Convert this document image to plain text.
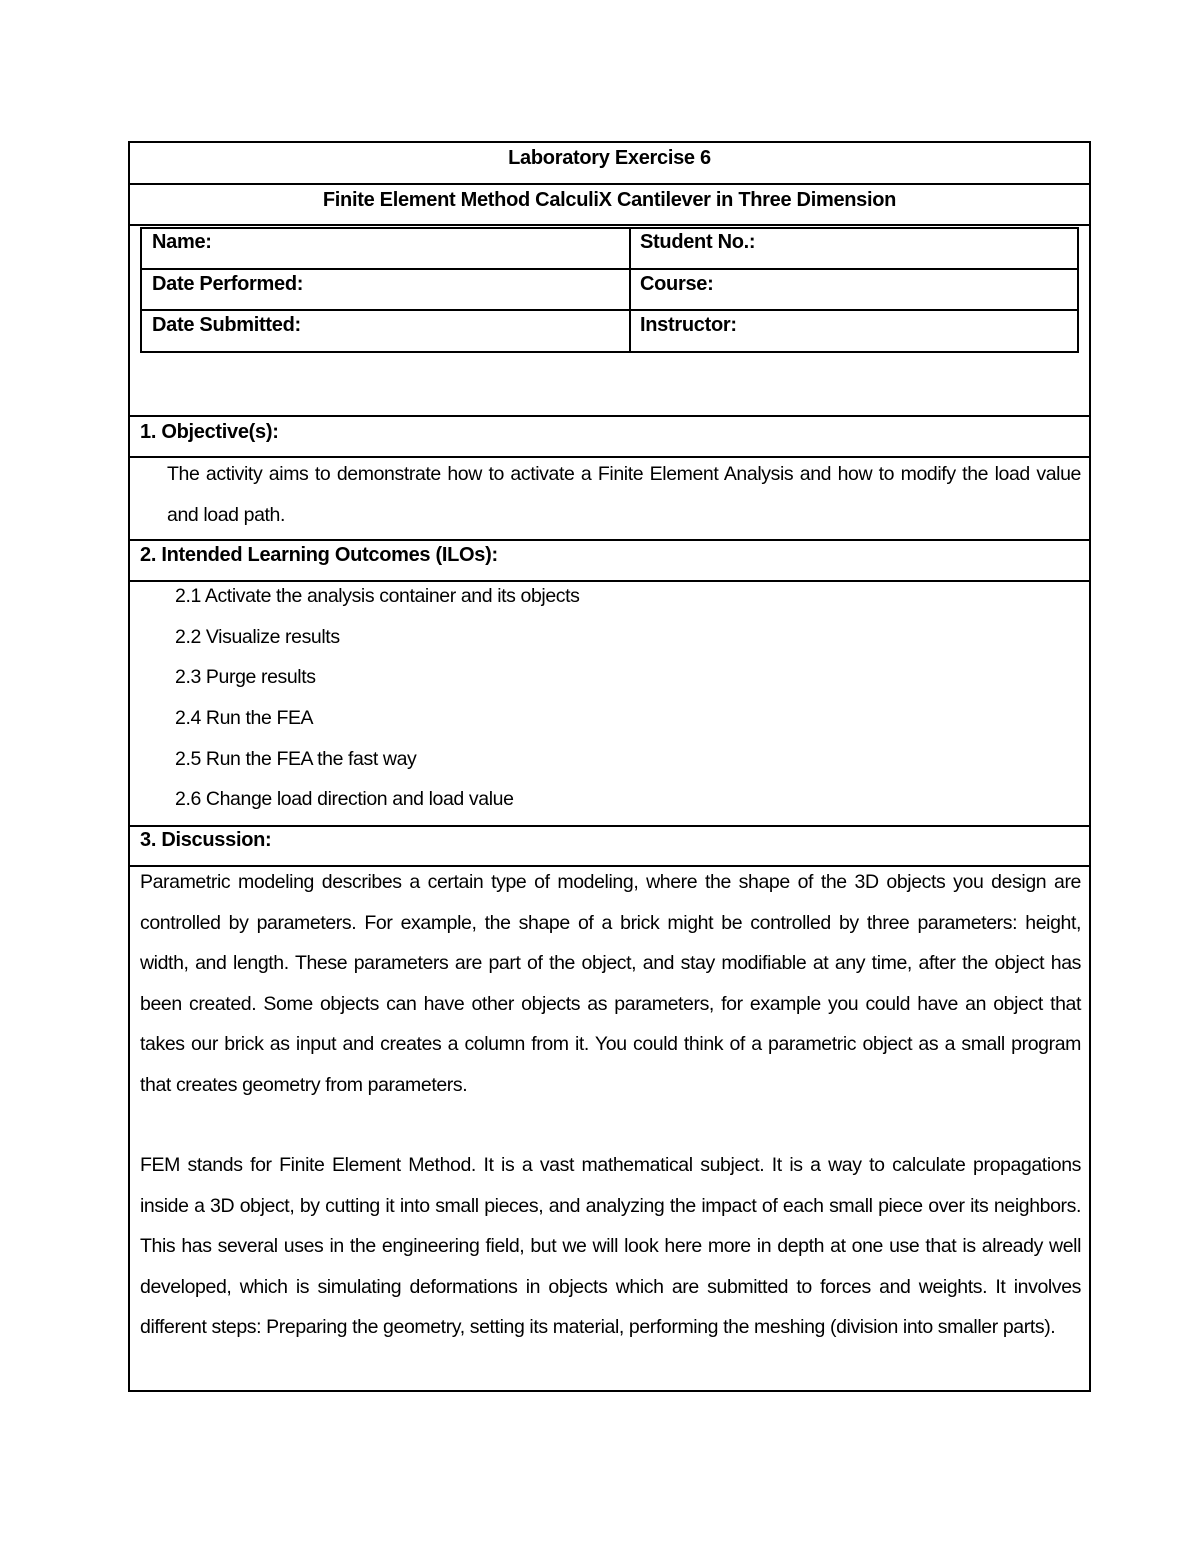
Laboratory Exercise 6
Finite Element Method CalculiX Cantilever in Three Dimension
Name:	Student No.:
Date Performed:	Course:
Date Submitted:	Instructor:
1. Objective(s):
The activity aims to demonstrate how to activate a Finite Element Analysis and how to modify the load value and load path.
2. Intended Learning Outcomes (ILOs):
2.1 Activate the analysis container and its objects
2.2 Visualize results
2.3 Purge results
2.4 Run the FEA
2.5 Run the FEA the fast way
2.6 Change load direction and load value
3. Discussion:
Parametric modeling describes a certain type of modeling, where the shape of the 3D objects you design are controlled by parameters. For example, the shape of a brick might be controlled by three parameters: height, width, and length. These parameters are part of the object, and stay modifiable at any time, after the object has been created. Some objects can have other objects as parameters, for example you could have an object that takes our brick as input and creates a column from it. You could think of a parametric object as a small program that creates geometry from parameters.
FEM stands for Finite Element Method. It is a vast mathematical subject. It is a way to calculate propagations inside a 3D object, by cutting it into small pieces, and analyzing the impact of each small piece over its neighbors. This has several uses in the engineering field, but we will look here more in depth at one use that is already well developed, which is simulating deformations in objects which are submitted to forces and weights. It involves different steps: Preparing the geometry, setting its material, performing the meshing (division into smaller parts).
